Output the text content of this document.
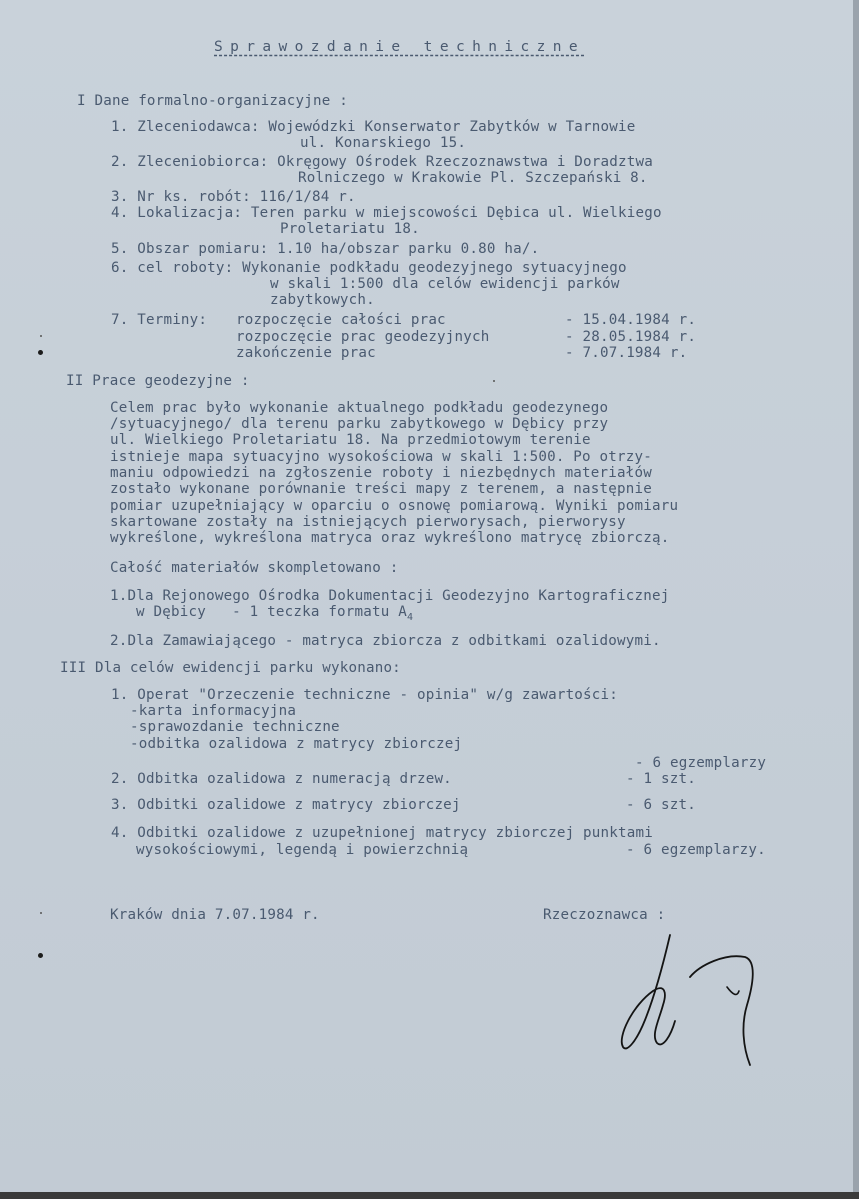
Sprawozdanie techniczne
I Dane formalno-organizacyjne :
1. Zleceniodawca: Wojewódzki Konserwator Zabytków w Tarnowie
ul. Konarskiego 15.
2. Zleceniobiorca: Okręgowy Ośrodek Rzeczoznawstwa i Doradztwa
Rolniczego w Krakowie Pl. Szczepański 8.
3. Nr ks. robót: 116/1/84 r.
4. Lokalizacja: Teren parku w miejscowości Dębica ul. Wielkiego
Proletariatu 18.
5. Obszar pomiaru: 1.10 ha/obszar parku 0.80 ha/.
6. cel roboty: Wykonanie podkładu geodezyjnego sytuacyjnego
w skali 1:500 dla celów ewidencji parków
zabytkowych.
7. Terminy: rozpoczęcie całości prac	- 15.04.1984 r.
rozpoczęcie prac geodezyjnych	- 28.05.1984 r.
zakończenie prac	- 7.07.1984 r.
II Prace geodezyjne :
Celem prac było wykonanie aktualnego podkładu geodezynego
/sytuacyjnego/ dla terenu parku zabytkowego w Dębicy przy
ul. Wielkiego Proletariatu 18. Na przedmiotowym terenie
istnieje mapa sytuacyjno wysokościowa w skali 1:500. Po otrzy-
maniu odpowiedzi na zgłoszenie roboty i niezbędnych materiałów
zostało wykonane porównanie treści mapy z terenem, a następnie
pomiar uzupełniający w oparciu o osnowę pomiarową. Wyniki pomiaru
skartowane zostały na istniejących pierworysach, pierworysy
wykreślone, wykreślona matryca oraz wykreślono matrycę zbiorczą.
Całość materiałów skompletowano :
1.Dla Rejonowego Ośrodka Dokumentacji Geodezyjno Kartograficznej
w Dębicy   - 1 teczka formatu $A_4$
2.Dla Zamawiającego - matryca zbiorcza z odbitkami ozalidowymi.
III Dla celów ewidencji parku wykonano:
1. Operat "Orzeczenie techniczne - opinia" w/g zawartości:
-karta informacyjna
-sprawozdanie techniczne
-odbitka ozalidowa z matrycy zbiorczej
- 6 egzemplarzy
2. Odbitka ozalidowa z numeracją drzew.	- 1 szt.
3. Odbitki ozalidowe z matrycy zbiorczej	- 6 szt.
4. Odbitki ozalidowe z uzupełnionej matrycy zbiorczej punktami
wysokościowymi, legendą i powierzchnią	- 6 egzemplarzy.
Kraków dnia 7.07.1984 r.	Rzeczoznawca :
